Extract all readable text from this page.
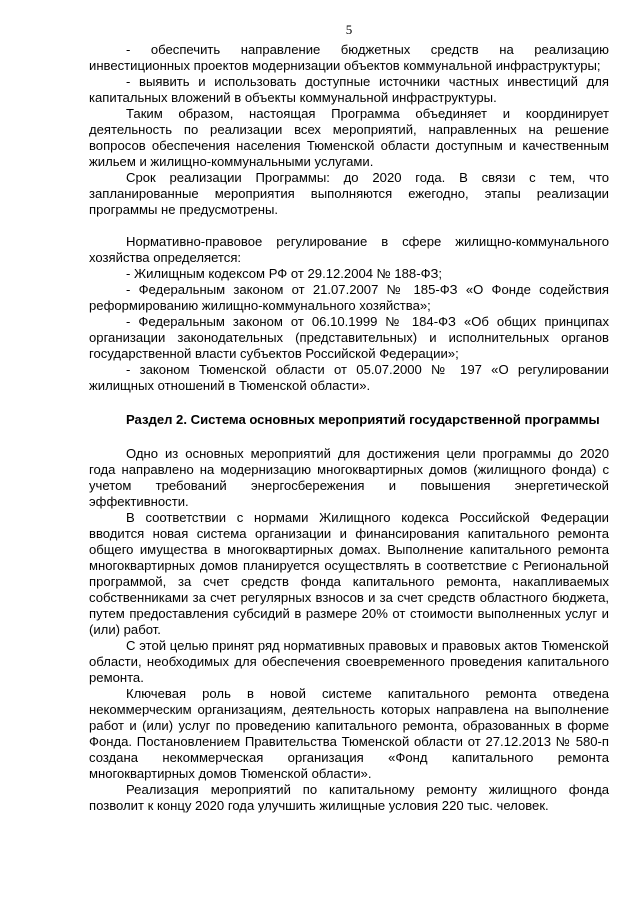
5

- обеспечить направление бюджетных средств на реализацию инвестиционных проектов модернизации объектов коммунальной инфраструктуры;

- выявить и использовать доступные источники частных инвестиций для капитальных вложений в объекты коммунальной инфраструктуры.

Таким образом, настоящая Программа объединяет и координирует деятельность по реализации всех мероприятий, направленных на решение вопросов обеспечения населения Тюменской области доступным и качественным жильем и жилищно-коммунальными услугами.

Срок реализации Программы: до 2020 года. В связи с тем, что запланированные мероприятия выполняются ежегодно, этапы реализации программы не предусмотрены.

Нормативно-правовое регулирование в сфере жилищно-коммунального хозяйства определяется:

- Жилищным кодексом РФ от 29.12.2004 № 188-ФЗ;

- Федеральным законом от 21.07.2007 № 185-ФЗ «О Фонде содействия реформированию жилищно-коммунального хозяйства»;

- Федеральным законом от 06.10.1999 № 184-ФЗ «Об общих принципах организации законодательных (представительных) и исполнительных органов государственной власти субъектов Российской Федерации»;

- законом Тюменской области от 05.07.2000 № 197 «О регулировании жилищных отношений в Тюменской области».

Раздел 2. Система основных мероприятий государственной программы

Одно из основных мероприятий для достижения цели программы до 2020 года направлено на модернизацию многоквартирных домов (жилищного фонда) с учетом требований энергосбережения и повышения энергетической эффективности.

В соответствии с нормами Жилищного кодекса Российской Федерации вводится новая система организации и финансирования капитального ремонта общего имущества в многоквартирных домах. Выполнение капитального ремонта многоквартирных домов планируется осуществлять в соответствие с Региональной программой, за счет средств фонда капитального ремонта, накапливаемых собственниками за счет регулярных взносов и за счет средств областного бюджета, путем предоставления субсидий в размере 20% от стоимости выполненных услуг и (или) работ.

С этой целью принят ряд нормативных правовых и правовых актов Тюменской области, необходимых для обеспечения своевременного проведения капитального ремонта.

Ключевая роль в новой системе капитального ремонта отведена некоммерческим организациям, деятельность которых направлена на выполнение работ и (или) услуг по проведению капитального ремонта, образованных в форме Фонда. Постановлением Правительства Тюменской области от 27.12.2013 № 580-п создана некоммерческая организация «Фонд капитального ремонта многоквартирных домов Тюменской области».

Реализация мероприятий по капитальному ремонту жилищного фонда позволит к концу 2020 года улучшить жилищные условия 220 тыс. человек.
